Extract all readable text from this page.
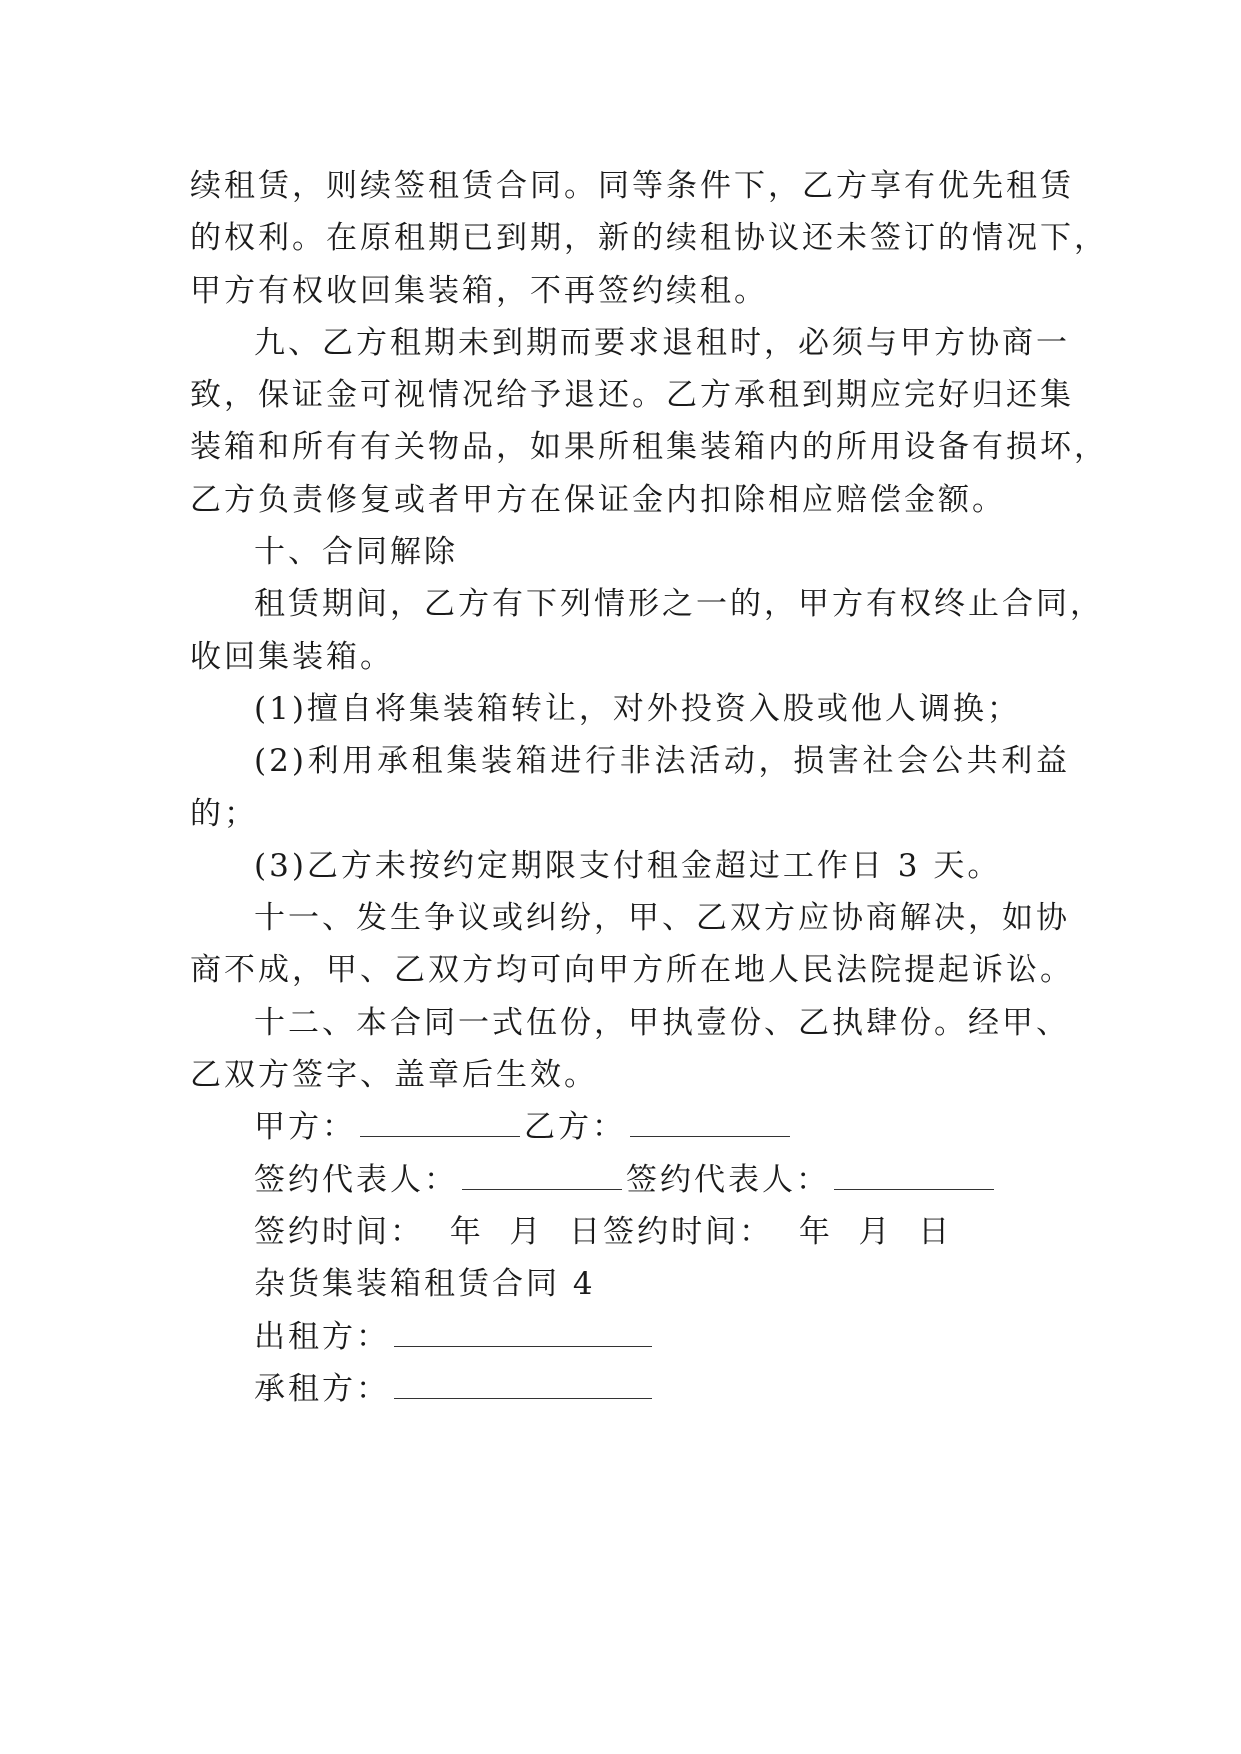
续租赁，则续签租赁合同。同等条件下，乙方享有优先租赁
的权利。在原租期已到期，新的续租协议还未签订的情况下，
甲方有权收回集装箱，不再签约续租。
九、乙方租期未到期而要求退租时，必须与甲方协商一
致，保证金可视情况给予退还。乙方承租到期应完好归还集
装箱和所有有关物品，如果所租集装箱内的所用设备有损坏，
乙方负责修复或者甲方在保证金内扣除相应赔偿金额。
十、合同解除
租赁期间，乙方有下列情形之一的，甲方有权终止合同，
收回集装箱。
(1)擅自将集装箱转让，对外投资入股或他人调换；
(2)利用承租集装箱进行非法活动，损害社会公共利益
的；
(3)乙方未按约定期限支付租金超过工作日 3 天。
十一、发生争议或纠纷，甲、乙双方应协商解决，如协
商不成，甲、乙双方均可向甲方所在地人民法院提起诉讼。
十二、本合同一式伍份，甲执壹份、乙执肆份。经甲、
乙双方签字、盖章后生效。
甲方：	乙方：
签约代表人：	签约代表人：
签约时间：  年  月  日签约时间：  年  月  日
杂货集装箱租赁合同 4
出租方：
承租方：
